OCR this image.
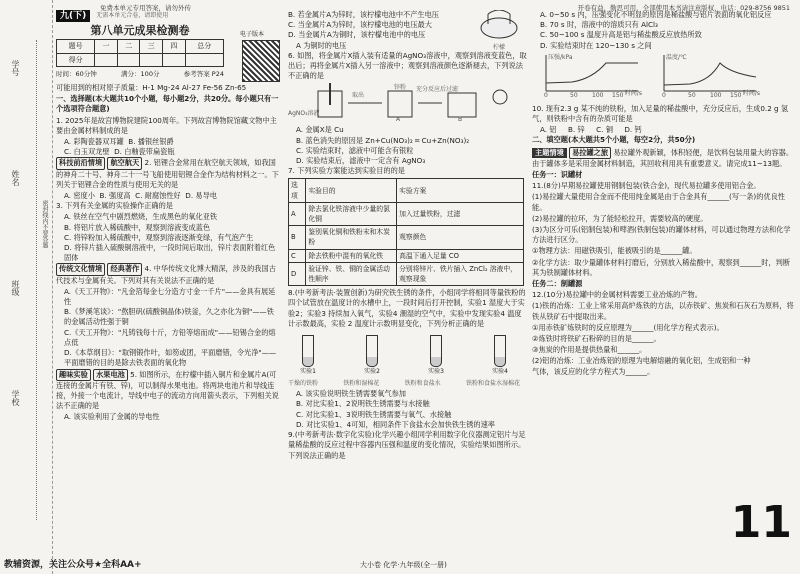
免费本单元专用答案，请勿外传	开卷有益，勤思可用，全部使用本书请注意版权，电话：029-8756 9851
学号
姓名
班级
学校
密封线内不要答题
九(下)	无需本单元合卷，请即使用
电子版本
第八单元成果检测卷
题号	一	二	三	四	总分
得分					
时间：60分钟	满分：100分	参考答案 P24

可能用到的相对原子质量：H-1 Mg-24 Al-27 Fe-56 Zn-65

一、选择题(本大题共10个小题，每小题2分，共20分。每小题只有一个选项符合题意)

1. 2025年是故宫博物院建院100周年。下列故宫博物院馆藏文物中主要由金属材料制成的是

A. 彩陶瓷器双耳罐 B. 播银丝银爵
C. 白玉双龙壁 D. 白釉瓷带扁瓷瓶

科技前沿情境 航空航天 2. 铝锂合金常用在航空航天领域，如我国的神舟二十号、神舟二十一号飞船使用铝锂合金作为结构材料之一。下列关于铝锂合金的性质与使用无关的是

A. 密度小 B. 强度高 C. 耐腐蚀性好 D. 易导电

3. 下列有关金属的实验操作正确的是

A. 铁丝在空气中剧烈燃烧，生成黑色的氧化亚铁
B. 将铝片放入稀硫酸中，观察到溶液变成蓝色
C. 将锌粉加入稀硫酸中，观察到溶液逐渐变绿，有气泡产生
D. 将锌片插入硫酸铜溶液中，一段时间后取出，锌片表面附着红色固体

传统文化情境 经典著作 4. 中华传统文化博大精深，涉及的我国古代技术与金属有关。下列对其有关说法不正确的是

A.《天工开物》："凡金箔每金七分造方寸金一千片"——金具有展延性
B.《梦溪笔谈》："熬胆矾(硫酸铜晶体)铁釜，久之亦化为铜"——铁的金属活动性强于铜
C.《天工开物》："凡铸钱每十斤，方铅等熔而成"——铅锡合金的熔点低
D.《本草纲目》："取钢锻作叶，如笏或团，平面磨错，令光净"——平面磨错的目的是除去铁表面的氧化物

趣味实验 水果电池 5. 如图所示，在柠檬中插入铜片和金属片A(可连接的金属片有铁、锌)，可以制得水果电池。将两块电池片和导线连接，外接一个电流计，导线中电子的流动方向用箭头表示，下列相关说法不正确的是

A. 该实验利用了金属的导电性
B. 若金属片A为锌时，该柠檬电池中不产生电压
C. 当金属片A为锌时，该柠檬电池的电压最大
D. 当金属片A为铜时，该柠檬电池中的电压
A 为铜时的电压	柠檬

6. 如图，将金属片X插入装有适量的AgNO₃溶液中，观察到溶液变蓝色，取出后；再将金属片X插入另一溶液中；观察到溶液颜色逐渐褪去，下列说法不正确的是

AgNO₃溶液
取出
充分反应后过滤
锌粉
A	B
A. 金属X是 Cu
B. 蓝色消失的原因是 Zn+Cu(NO₃)₂ ═ Cu+Zn(NO₃)₂
C. 实验结束时，滤液中可能含有银粒
D. 实验结束后，滤液中一定含有 AgNO₃

7. 下列实验方案能达到实验目的的是

选项	实验目的	实验方案
A	除去氯化铁溶液中少量的氯化铜	加入过量铁粉，过滤
B	鉴别氧化铜和铁粉末和木炭粉	观察颜色
C	除去铁粉中混有的氧化铁	高温下通入足量 CO
D	验证锌、铁、铜的金属活动性顺序	分别将锌片、铁片插入 ZnCl₂ 溶液中，观察现象

8.(中考新考法·装置创新)为研究铁生锈的条件，小组同学将相同等量铁粉的四个试管放在温度计的水槽中上，一段时间后打开控制，实验1 湿度大于实验2；实验3 持续加入氧气，实验4 潮湿的空气中，实验中发现实验4 温度计示数最高，实验 2 温度计示数明显变化，下列分析正确的是

实验1	实验2	实验3	实验4
干燥的铁粉	铁粉和湿棉花	铁粉和食盐水	铁粉和食盐水湿棉花
A. 该实验说明铁生锈需要氧气参加
B. 对比实验1、2说明铁生锈需要与水接触
C. 对比实验1、3说明铁生锈需要与氧气、水接触
D. 对比实验1、4可知，相同条件下食盐水会加快铁生锈的速率

9.(中考新考法·数字化实验)化学兴趣小组同学利用数字化仪器测定铝片与足量稀盐酸的反应过程中容器内压强和温度的变化情况，实验结果如图所示。下列说法正确的是

大小卷 化学·九年级(全一册)
A. 0~50 s 内，压强变化不明显的原因是稀盐酸与铝片表面的氧化铝反应
B. 70 s 时，溶液中的溶质只有 AlCl₃
C. 50~100 s 温度升高是铝与稀盐酸反应放热所致
D. 实验结束时在 120~130 s 之间
压强/kPa
时间/s
0	50 100 150
温度/℃
时间/s
0	50 100 150

10. 现有2.3 g 某不纯的铁粉，加入足量的稀盐酸中，充分反应后，生成0.2 g 氢气，则铁粉中含有的杂质可能是

A. 铝 B. 锌 C. 铜 D. 钙

二、填空题(本大题共5个小题，每空2分，共50分)

主题情境 易拉罐之旅 易拉罐外观新颖，体积轻便，是饮料包装用量大的容器。由于罐体多是采用金属材料制造，其回收利用具有重要意义。请完成11~13题。

任务一：识罐材

11.(8分)早期易拉罐使用钢制包装(铁合金)，现代易拉罐多使用铝合金。

(1)易拉罐大量使用合金而不使用纯金属是由于合金具有______(写一条)的优良性能。

(2)易拉罐的拉环，为了能轻松拉开，需要较高的硬度。

(3)为区分可乐(铝制包装)和啤酒(铁制包装)的罐体材料，可以通过物理方法和化学方法进行区分。

①物理方法：用磁铁吸引，能被吸引的是______罐。

②化学方法：取少量罐体材料打磨后，分别放入稀盐酸中，观察到______时，判断其为铁制罐体材料。

任务二：制罐源

12.(10分)易拉罐中的金属材料需要工业冶炼的产物。

(1)铁的冶炼：工业上常采用高炉炼铁的方法，以赤铁矿、焦炭和石灰石为原料，将铁从铁矿石中提取出来。

①用赤铁矿炼铁时的反应原理为______(用化学方程式表示)。

②炼铁时将铁矿石粉碎的目的是______。

③焦炭的作用是提供热量和______。

(2)铝的冶炼：工业冶炼铝的原理为电解熔融的氧化铝，生成铝和一种气体，该反应的化学方程式为______。

11
教辅资源，关注公众号★全科AA+
